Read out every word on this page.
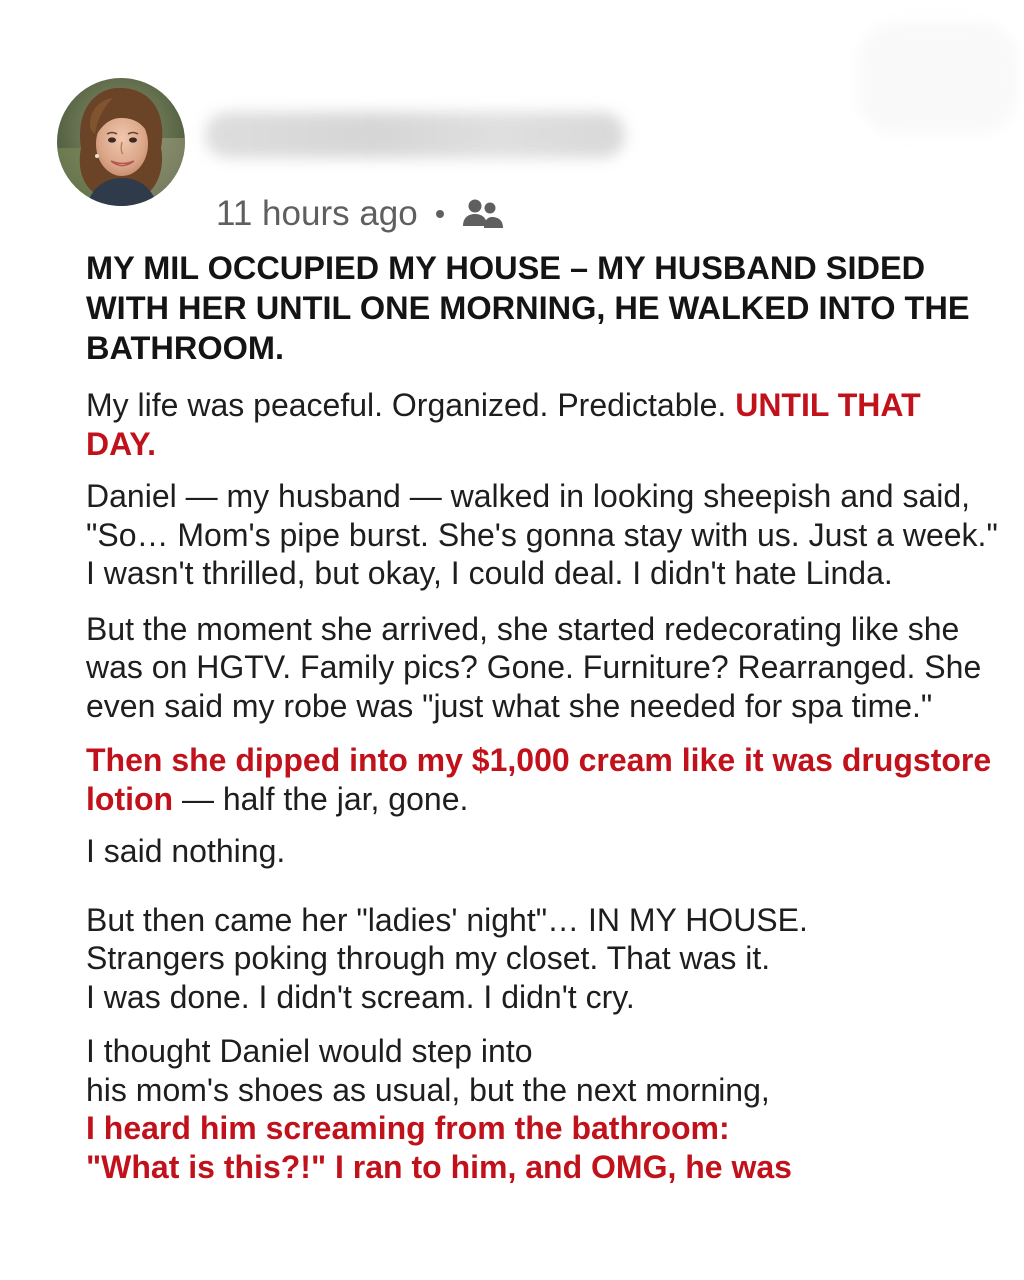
11 hours ago
MY MIL OCCUPIED MY HOUSE – MY HUSBAND SIDED WITH HER UNTIL ONE MORNING, HE WALKED INTO THE BATHROOM.

My life was peaceful. Organized. Predictable. UNTIL THAT DAY.

Daniel — my husband — walked in looking sheepish and said, "So… Mom's pipe burst. She's gonna stay with us. Just a week." I wasn't thrilled, but okay, I could deal. I didn't hate Linda.

But the moment she arrived, she started redecorating like she was on HGTV. Family pics? Gone. Furniture? Rearranged. She even said my robe was "just what she needed for spa time."

Then she dipped into my $1,000 cream like it was drugstore lotion — half the jar, gone.

I said nothing.

But then came her "ladies' night"… IN MY HOUSE.
Strangers poking through my closet. That was it.
I was done. I didn't scream. I didn't cry.

I thought Daniel would step into
his mom's shoes as usual, but the next morning,
I heard him screaming from the bathroom:
"What is this?!" I ran to him, and OMG, he was
